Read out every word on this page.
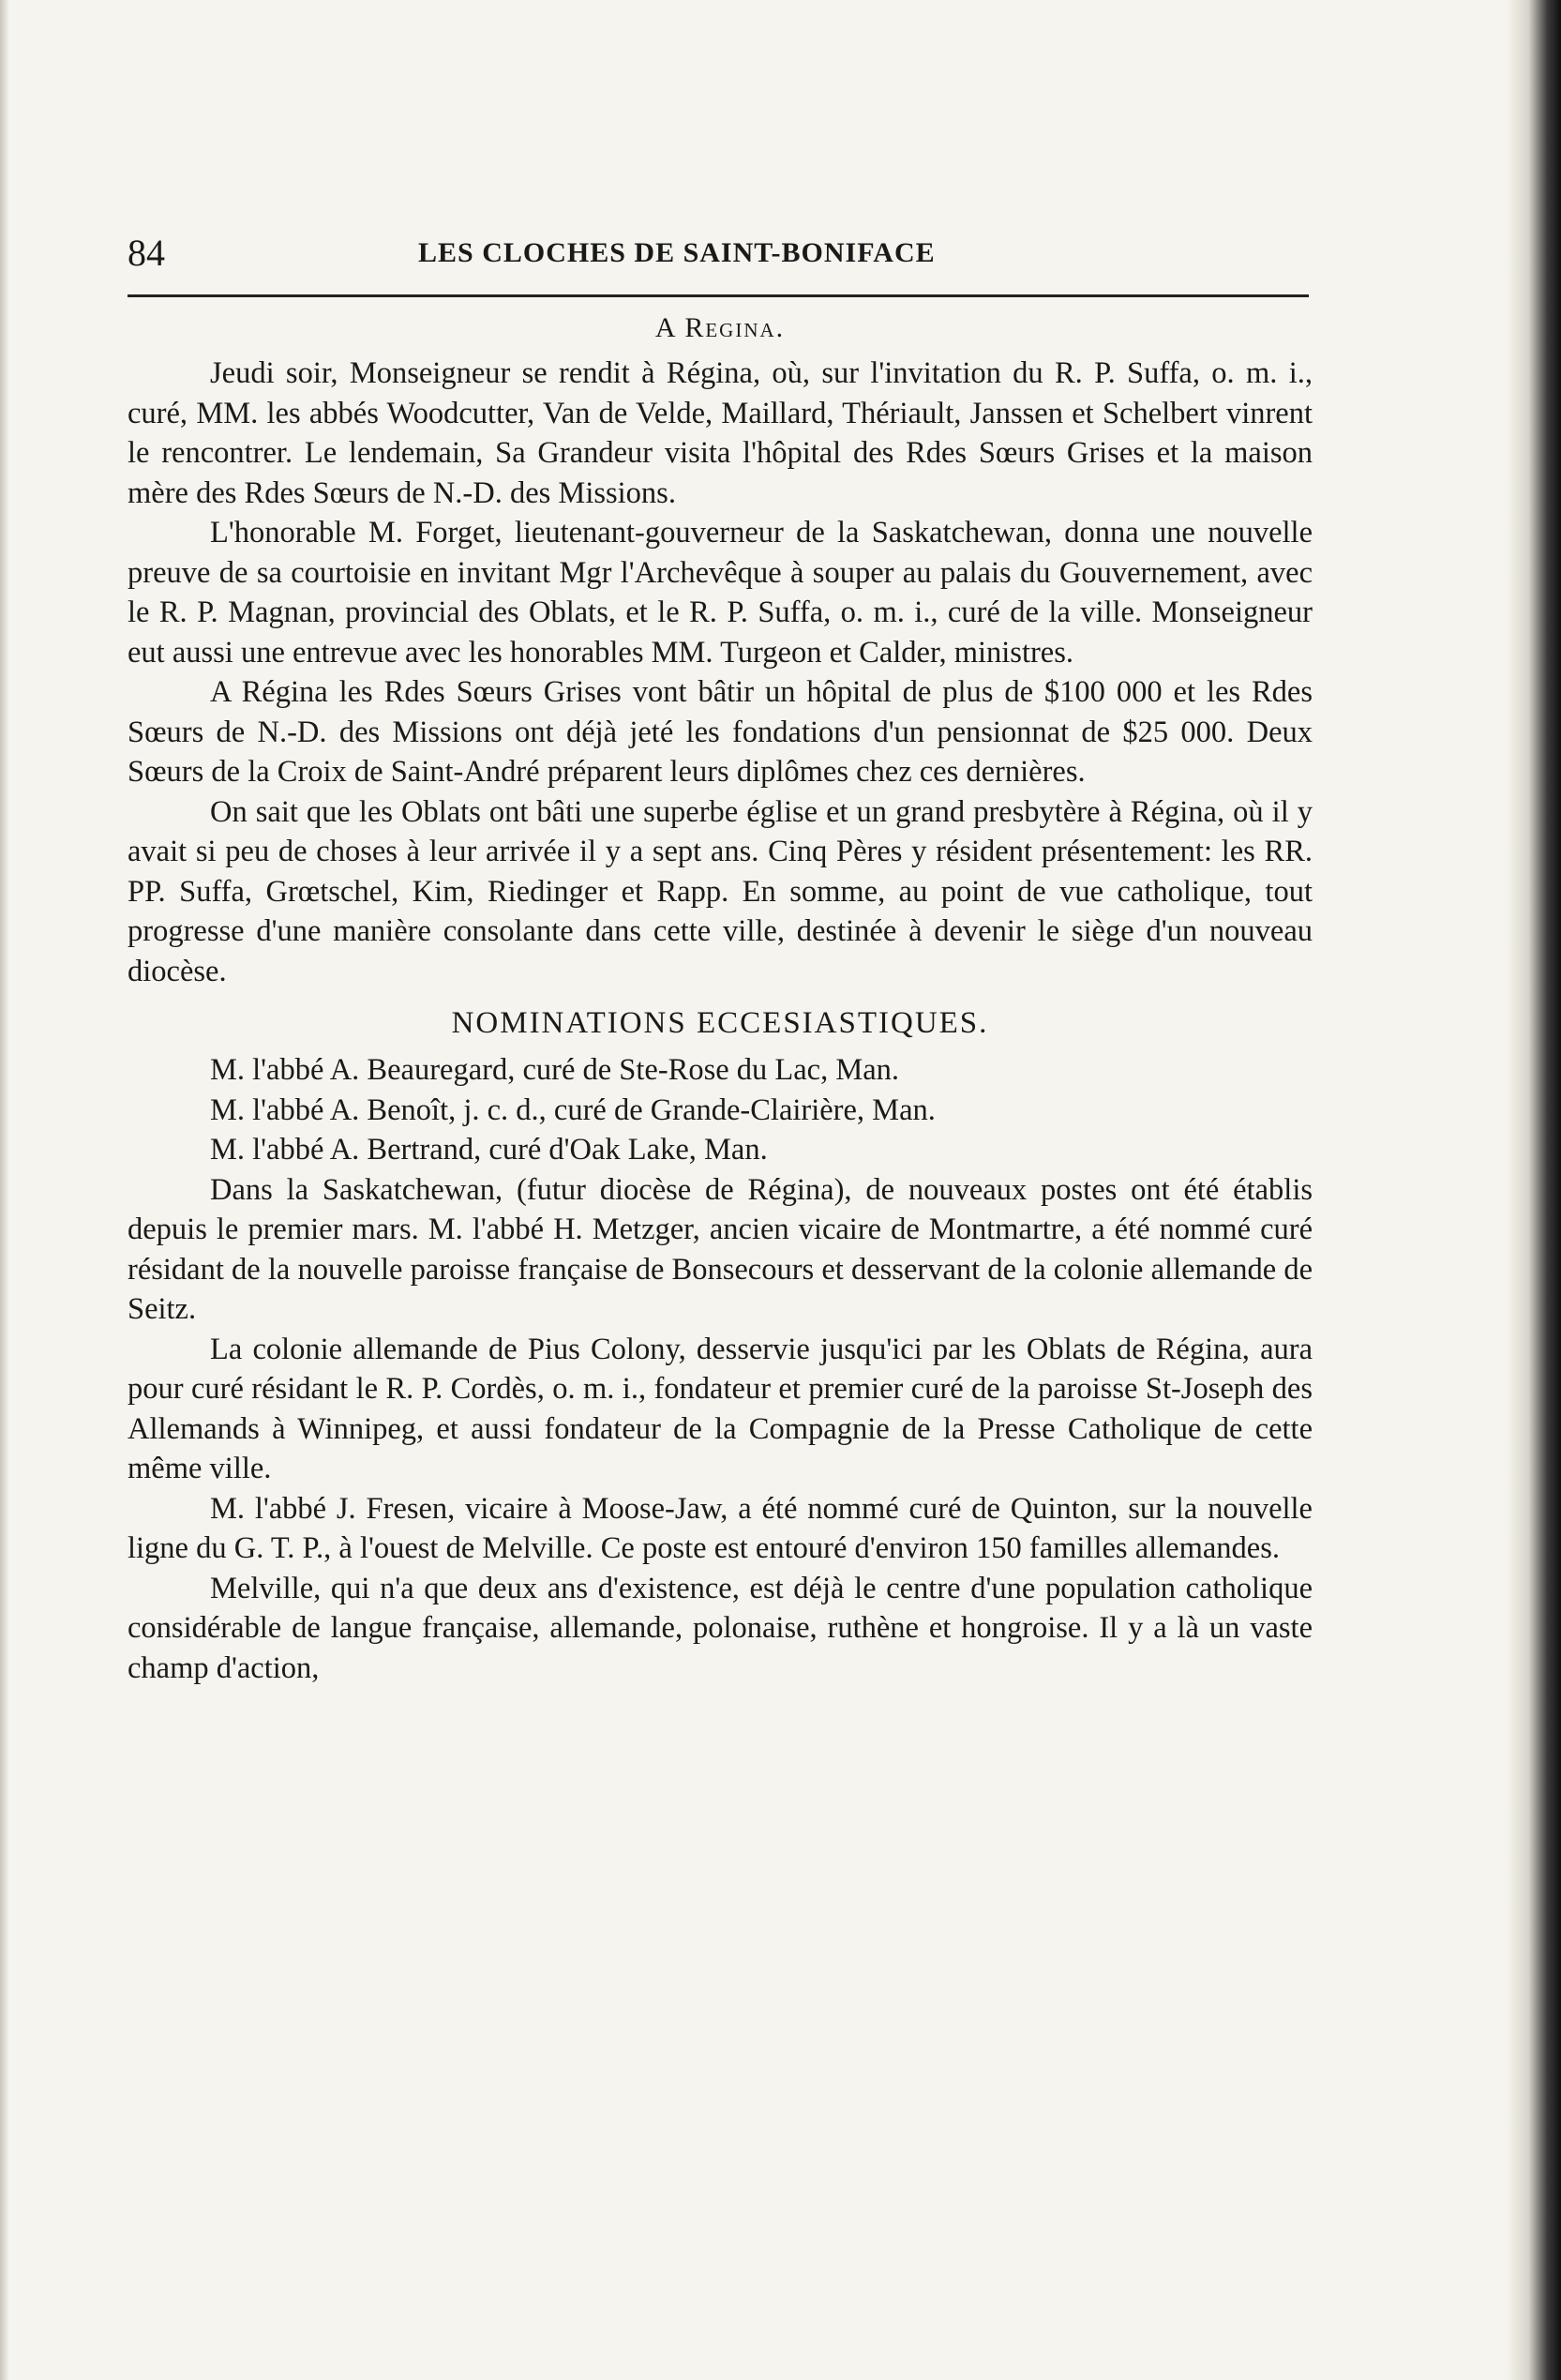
84	LES CLOCHES DE SAINT-BONIFACE
A Regina.

Jeudi soir, Monseigneur se rendit à Régina, où, sur l'invitation du R. P. Suffa, o. m. i., curé, MM. les abbés Woodcutter, Van de Velde, Maillard, Thériault, Janssen et Schelbert vinrent le rencontrer. Le lendemain, Sa Grandeur visita l'hôpital des Rdes Sœurs Grises et la maison mère des Rdes Sœurs de N.-D. des Missions.

L'honorable M. Forget, lieutenant-gouverneur de la Saskatchewan, donna une nouvelle preuve de sa courtoisie en invitant Mgr l'Archevêque à souper au palais du Gouvernement, avec le R. P. Magnan, provincial des Oblats, et le R. P. Suffa, o. m. i., curé de la ville. Monseigneur eut aussi une entrevue avec les honorables MM. Turgeon et Calder, ministres.

A Régina les Rdes Sœurs Grises vont bâtir un hôpital de plus de $100 000 et les Rdes Sœurs de N.-D. des Missions ont déjà jeté les fondations d'un pensionnat de $25 000. Deux Sœurs de la Croix de Saint-André préparent leurs diplômes chez ces dernières.

On sait que les Oblats ont bâti une superbe église et un grand presbytère à Régina, où il y avait si peu de choses à leur arrivée il y a sept ans. Cinq Pères y résident présentement: les RR. PP. Suffa, Grœtschel, Kim, Riedinger et Rapp. En somme, au point de vue catholique, tout progresse d'une manière consolante dans cette ville, destinée à devenir le siège d'un nouveau diocèse.

NOMINATIONS ECCESIASTIQUES.

M. l'abbé A. Beauregard, curé de Ste-Rose du Lac, Man.

M. l'abbé A. Benoît, j. c. d., curé de Grande-Clairière, Man.

M. l'abbé A. Bertrand, curé d'Oak Lake, Man.

Dans la Saskatchewan, (futur diocèse de Régina), de nouveaux postes ont été établis depuis le premier mars. M. l'abbé H. Metzger, ancien vicaire de Montmartre, a été nommé curé résidant de la nouvelle paroisse française de Bonsecours et desservant de la colonie allemande de Seitz.

La colonie allemande de Pius Colony, desservie jusqu'ici par les Oblats de Régina, aura pour curé résidant le R. P. Cordès, o. m. i., fondateur et premier curé de la paroisse St-Joseph des Allemands à Winnipeg, et aussi fondateur de la Compagnie de la Presse Catholique de cette même ville.

M. l'abbé J. Fresen, vicaire à Moose-Jaw, a été nommé curé de Quinton, sur la nouvelle ligne du G. T. P., à l'ouest de Melville. Ce poste est entouré d'environ 150 familles allemandes.

Melville, qui n'a que deux ans d'existence, est déjà le centre d'une population catholique considérable de langue française, allemande, polonaise, ruthène et hongroise. Il y a là un vaste champ d'action,
